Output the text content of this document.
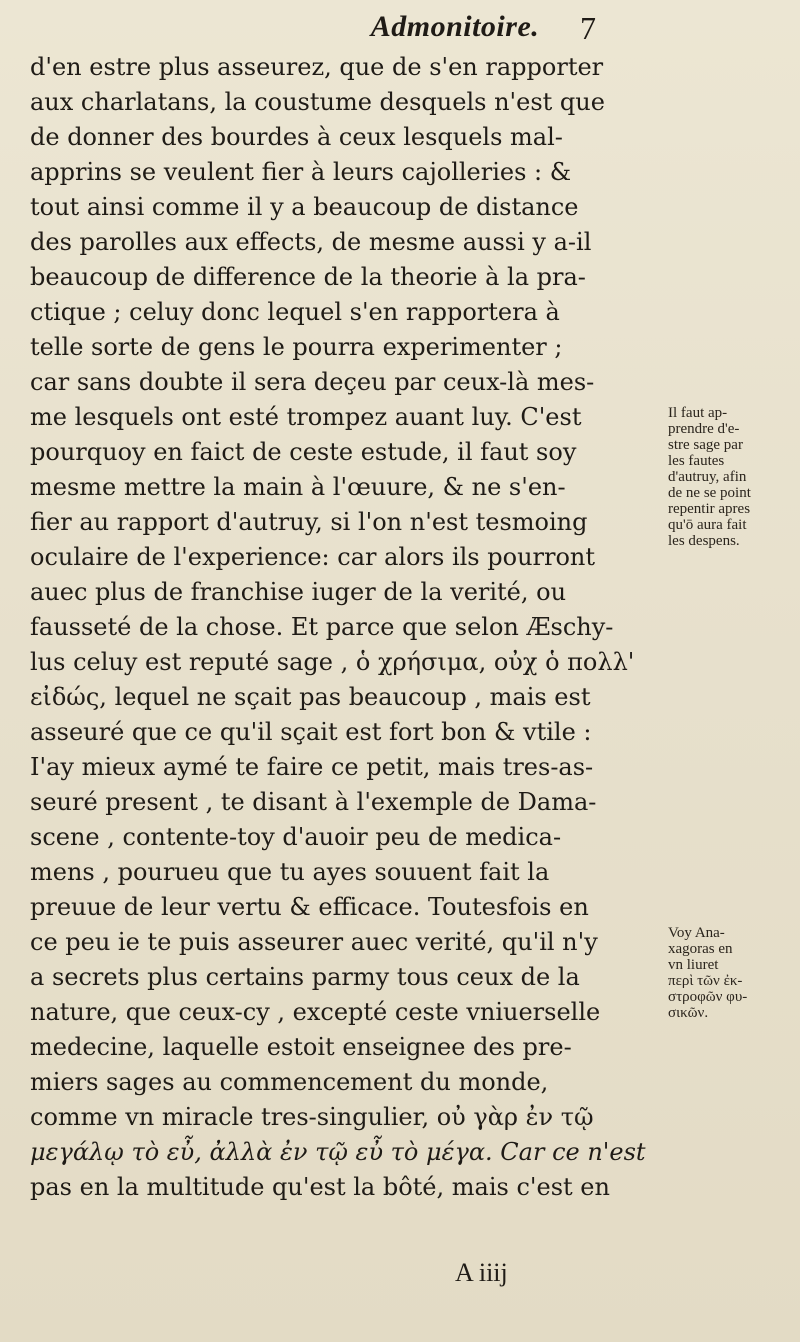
Admonitoire.	7
d'en estre plus asseurez, que de s'en rapporter
aux charlatans, la coustume desquels n'est que
de donner des bourdes à ceux lesquels mal-
apprins se veulent fier à leurs cajolleries : &
tout ainsi comme il y a beaucoup de distance
des parolles aux effects, de mesme aussi y a-il
beaucoup de difference de la theorie à la pra-
ctique ; celuy donc lequel s'en rapportera à
telle sorte de gens le pourra experimenter ;
car sans doubte il sera deçeu par ceux-là mes-
me lesquels ont esté trompez auant luy. C'est
pourquoy en faict de ceste estude, il faut soy
mesme mettre la main à l'œuure, & ne s'en-
fier au rapport d'autruy, si l'on n'est tesmoing
oculaire de l'experience: car alors ils pourront
auec plus de franchise iuger de la verité, ou
fausseté de la chose. Et parce que selon Æschy-
lus celuy est reputé sage , ὁ χρήσιμα, οὐχ ὁ πολλ'
εἰδώς, lequel ne sçait pas beaucoup , mais est
asseuré que ce qu'il sçait est fort bon & vtile :
I'ay mieux aymé te faire ce petit, mais tres-as-
seuré present , te disant à l'exemple de Dama-
scene , contente-toy d'auoir peu de medica-
mens , pourueu que tu ayes souuent fait la
preuue de leur vertu & efficace. Toutesfois en
ce peu ie te puis asseurer auec verité, qu'il n'y
a secrets plus certains parmy tous ceux de la
nature, que ceux-cy , excepté ceste vniuerselle
medecine, laquelle estoit enseignee des pre-
miers sages au commencement du monde,
comme vn miracle tres-singulier, οὐ γὰρ ἐν τῷ
μεγάλῳ τὸ εὖ, ἀλλὰ ἐν τῷ εὖ τὸ μέγα. Car ce n'est
pas en la multitude qu'est la bôté, mais c'est en
Il faut ap-
prendre d'e-
stre sage par
les fautes
d'autruy, afin
de ne se point
repentir apres
qu'ō aura fait
les despens.
Voy Ana-
xagoras en
vn liuret
περὶ τῶν ἐκ-
στροφῶν φυ-
σικῶν.
A iiij
